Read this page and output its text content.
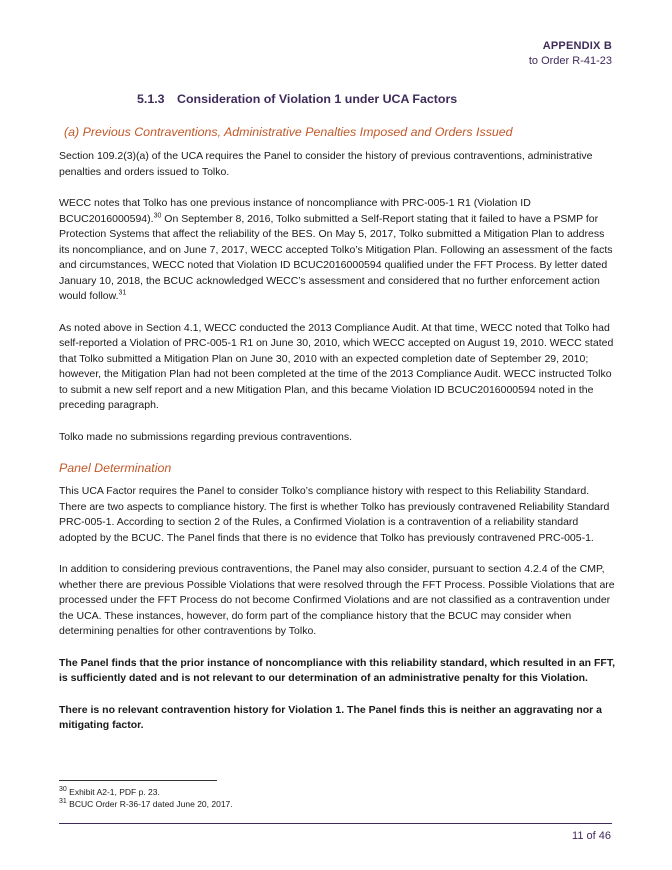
APPENDIX B
to Order R-41-23
5.1.3 Consideration of Violation 1 under UCA Factors
(a) Previous Contraventions, Administrative Penalties Imposed and Orders Issued

Section 109.2(3)(a) of the UCA requires the Panel to consider the history of previous contraventions, administrative penalties and orders issued to Tolko.

WECC notes that Tolko has one previous instance of noncompliance with PRC-005-1 R1 (Violation ID BCUC2016000594).$^{30}$ On September 8, 2016, Tolko submitted a Self-Report stating that it failed to have a PSMP for Protection Systems that affect the reliability of the BES. On May 5, 2017, Tolko submitted a Mitigation Plan to address its noncompliance, and on June 7, 2017, WECC accepted Tolko’s Mitigation Plan. Following an assessment of the facts and circumstances, WECC noted that Violation ID BCUC2016000594 qualified under the FFT Process. By letter dated January 10, 2018, the BCUC acknowledged WECC’s assessment and considered that no further enforcement action would follow.$^{31}$

As noted above in Section 4.1, WECC conducted the 2013 Compliance Audit. At that time, WECC noted that Tolko had self-reported a Violation of PRC-005-1 R1 on June 30, 2010, which WECC accepted on August 19, 2010. WECC stated that Tolko submitted a Mitigation Plan on June 30, 2010 with an expected completion date of September 29, 2010; however, the Mitigation Plan had not been completed at the time of the 2013 Compliance Audit. WECC instructed Tolko to submit a new self report and a new Mitigation Plan, and this became Violation ID BCUC2016000594 noted in the preceding paragraph.

Tolko made no submissions regarding previous contraventions.

Panel Determination

This UCA Factor requires the Panel to consider Tolko’s compliance history with respect to this Reliability Standard. There are two aspects to compliance history. The first is whether Tolko has previously contravened Reliability Standard PRC-005-1. According to section 2 of the Rules, a Confirmed Violation is a contravention of a reliability standard adopted by the BCUC. The Panel finds that there is no evidence that Tolko has previously contravened PRC-005-1.

In addition to considering previous contraventions, the Panel may also consider, pursuant to section 4.2.4 of the CMP, whether there are previous Possible Violations that were resolved through the FFT Process. Possible Violations that are processed under the FFT Process do not become Confirmed Violations and are not classified as a contravention under the UCA. These instances, however, do form part of the compliance history that the BCUC may consider when determining penalties for other contraventions by Tolko.

The Panel finds that the prior instance of noncompliance with this reliability standard, which resulted in an FFT, is sufficiently dated and is not relevant to our determination of an administrative penalty for this Violation.

There is no relevant contravention history for Violation 1. The Panel finds this is neither an aggravating nor a mitigating factor.

$^{30}$ Exhibit A2-1, PDF p. 23.
$^{31}$ BCUC Order R-36-17 dated June 20, 2017.
11 of 46
